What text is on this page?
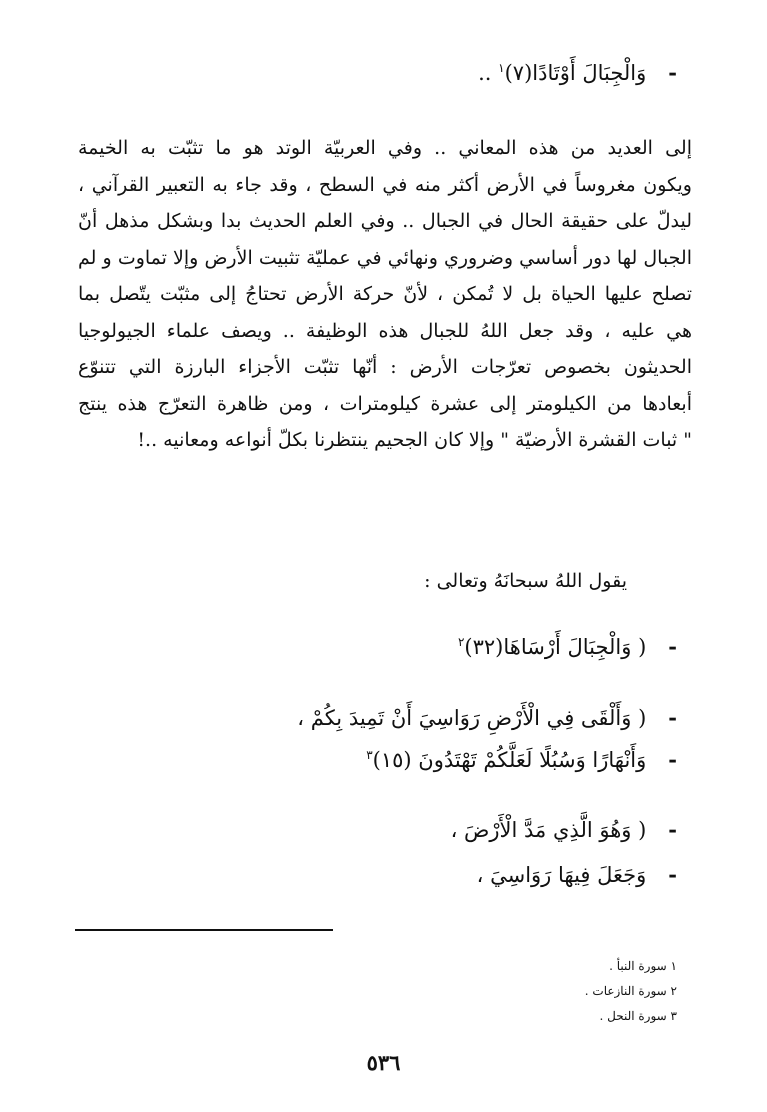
-
وَالْجِبَالَ أَوْتَادًا(٧)$^١$ ..
إلى العديد من هذه المعاني .. وفي العربيّة الوتد هو ما تثبّت به الخيمة
ويكون مغروساً في الأرض أكثر منه في السطح ، وقد جاء به التعبير القرآني ،
ليدلّ على حقيقة الحال في الجبال .. وفي العلم الحديث بدا وبشكل مذهل أنّ
الجبال لها دور أساسي وضروري ونهائي في عمليّة تثبيت الأرض وإلا تماوت و لم
تصلح عليها الحياة بل لا تُمكن ، لأنّ حركة الأرض تحتاجُ إلى مثبّت يتّصل بما
هي عليه ، وقد جعل اللهُ للجبال هذه الوظيفة .. ويصف علماء الجيولوجيا
الحديثون بخصوص تعرّجات الأرض : أنّها تثبّت الأجزاء البارزة التي تتنوّع
أبعادها من الكيلومتر إلى عشرة كيلومترات ، ومن ظاهرة التعرّج هذه ينتج
" ثبات القشرة الأرضيّة " وإلا كان الجحيم ينتظرنا بكلّ أنواعه ومعانيه ..!
يقول اللهُ سبحانَهُ وتعالى :
-
( وَالْجِبَالَ أَرْسَاهَا(٣٢)$^٢$
-
( وَأَلْقَى فِي الْأَرْضِ رَوَاسِيَ أَنْ تَمِيدَ بِكُمْ ،
-
وَأَنْهَارًا وَسُبُلًا لَعَلَّكُمْ تَهْتَدُونَ (١٥)$^٣$
-
( وَهُوَ الَّذِي مَدَّ الْأَرْضَ ،
-
وَجَعَلَ فِيهَا رَوَاسِيَ ،
١ سورة النبأ .
٢ سورة النازعات .
٣ سورة النحل .
٥٣٦
